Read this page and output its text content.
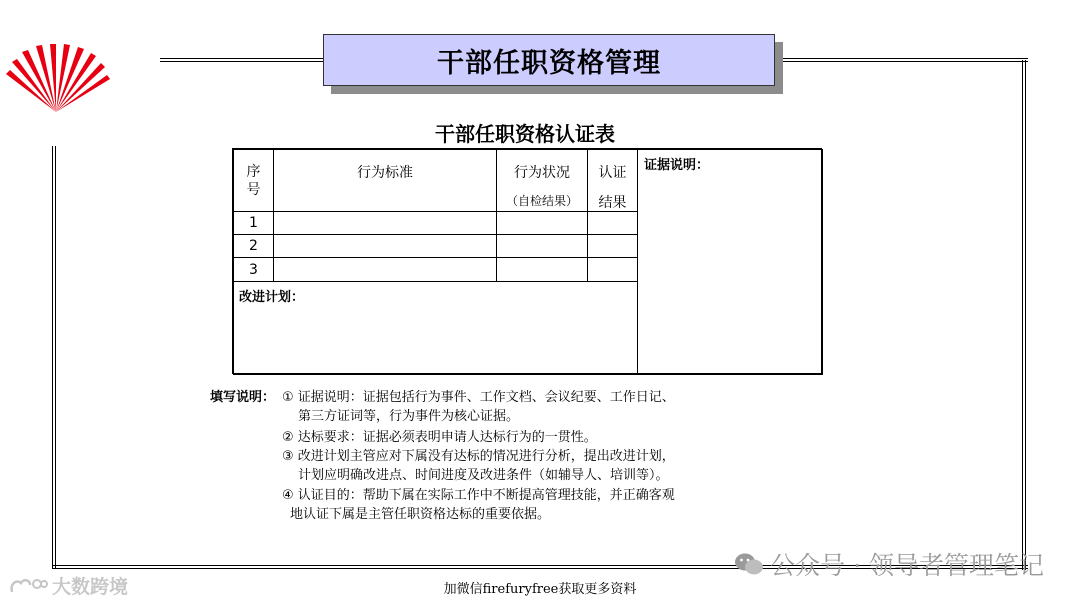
干部任职资格管理
干部任职资格认证表
序
号
行为标准	行为状况
（自检结果）
认证
结果
证据说明：
1
2
3
改进计划：
填写说明： ① 证据说明：证据包括行为事件、工作文档、会议纪要、工作日记、
第三方证词等，行为事件为核心证据。
② 达标要求：证据必须表明申请人达标行为的一贯性。
③ 改进计划主管应对下属没有达标的情况进行分析，提出改进计划，
计划应明确改进点、时间进度及改进条件（如辅导人、培训等）。
④ 认证目的：帮助下属在实际工作中不断提高管理技能，并正确客观
地认证下属是主管任职资格达标的重要依据。
公众号 · 领导者管理笔记
大数跨境	加微信firefuryfree获取更多资料
